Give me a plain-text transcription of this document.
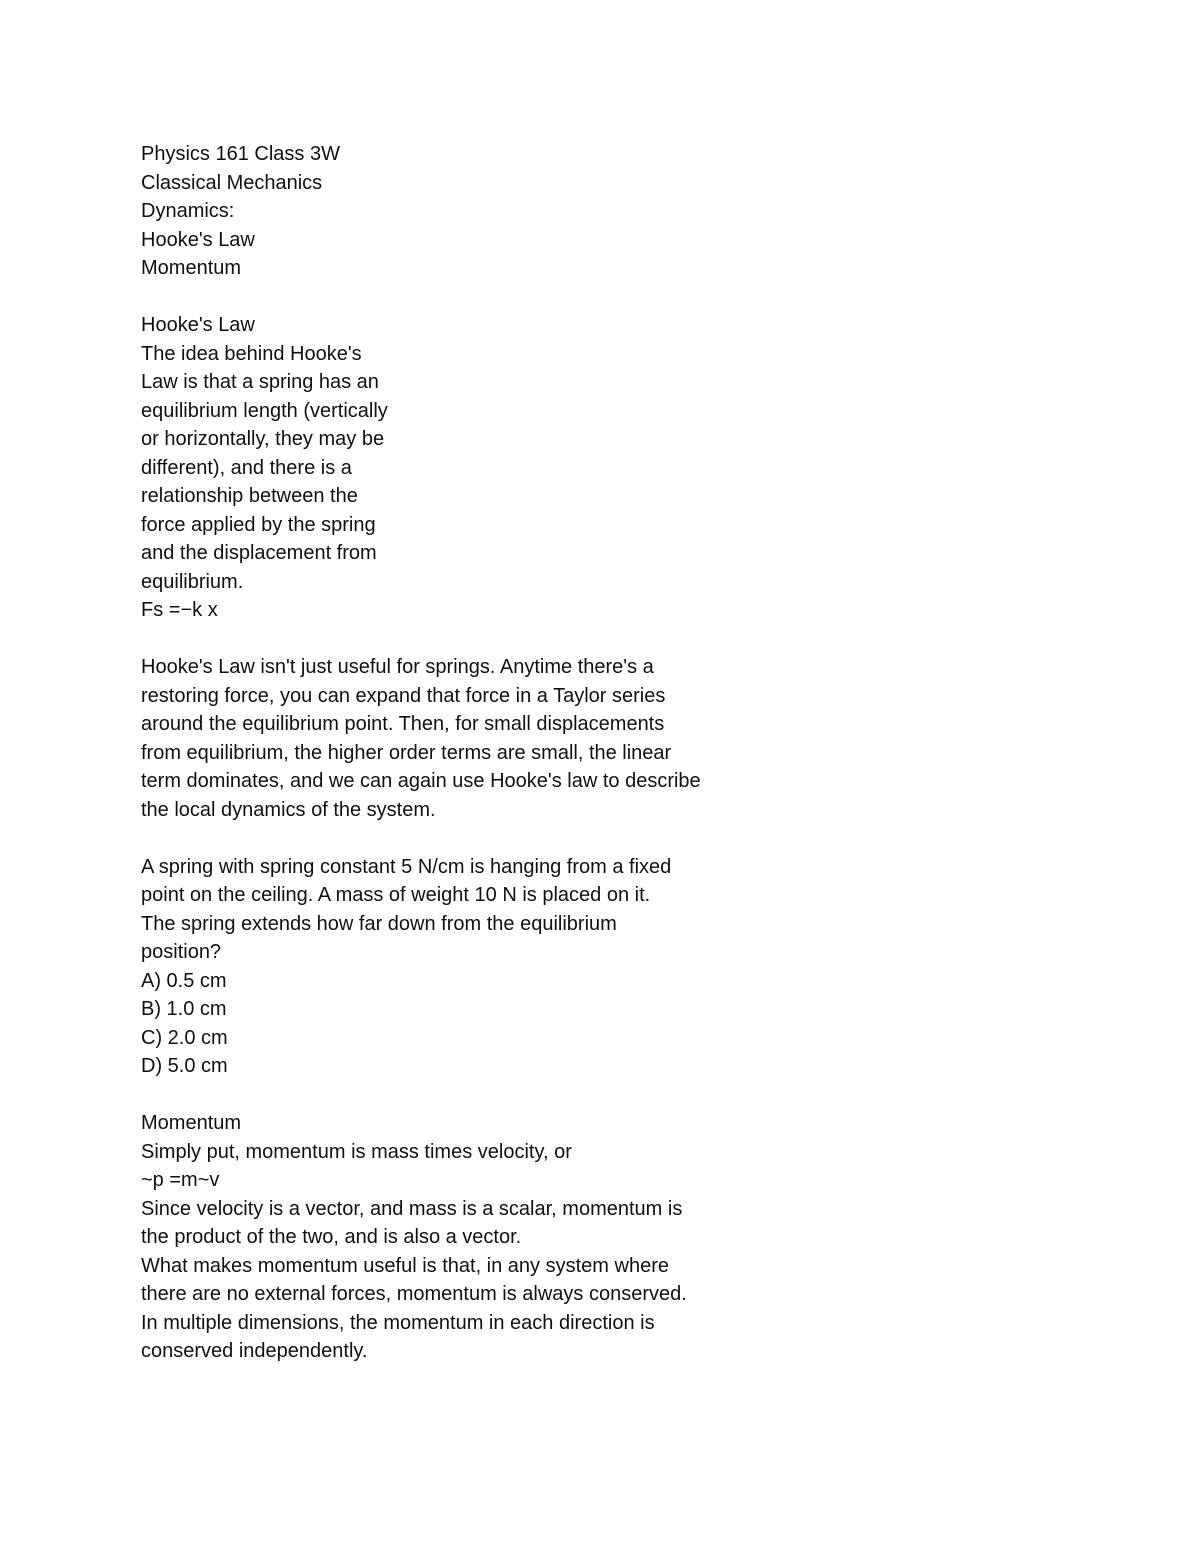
Physics 161 Class 3W
Classical Mechanics
Dynamics:
Hooke's Law
Momentum
Hooke's Law
The idea behind Hooke's
Law is that a spring has an
equilibrium length (vertically
or horizontally, they may be
different), and there is a
relationship between the
force applied by the spring
and the displacement from
equilibrium.
Fs =−k x
Hooke's Law isn't just useful for springs. Anytime there's a
restoring force, you can expand that force in a Taylor series
around the equilibrium point. Then, for small displacements
from equilibrium, the higher order terms are small, the linear
term dominates, and we can again use Hooke's law to describe
the local dynamics of the system.
A spring with spring constant 5 N/cm is hanging from a fixed
point on the ceiling. A mass of weight 10 N is placed on it.
The spring extends how far down from the equilibrium
position?
A) 0.5 cm
B) 1.0 cm
C) 2.0 cm
D) 5.0 cm
Momentum
Simply put, momentum is mass times velocity, or
~p =m~v
Since velocity is a vector, and mass is a scalar, momentum is
the product of the two, and is also a vector.
What makes momentum useful is that, in any system where
there are no external forces, momentum is always conserved.
In multiple dimensions, the momentum in each direction is
conserved independently.
